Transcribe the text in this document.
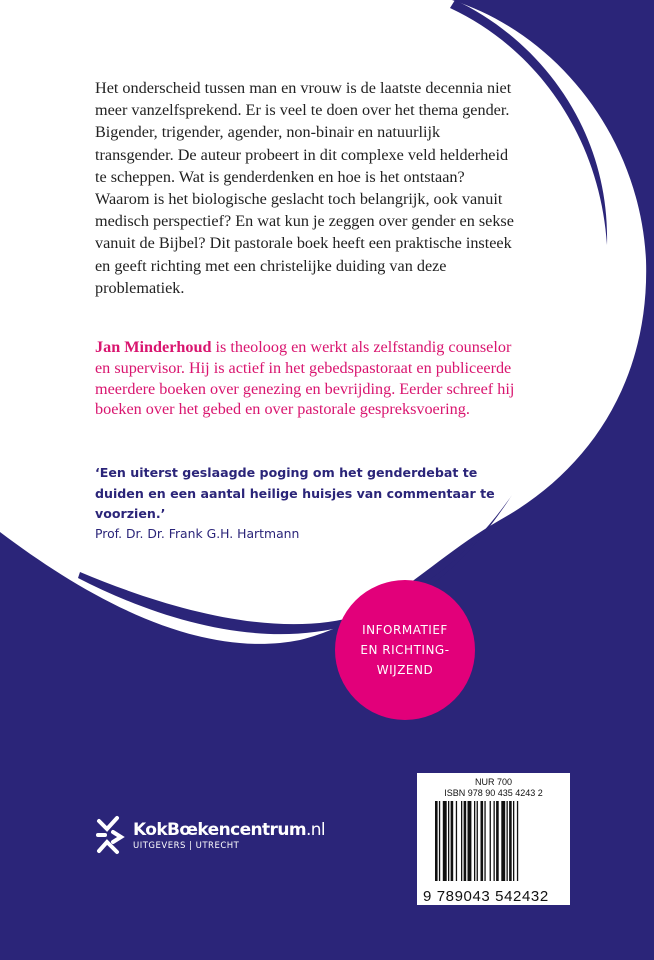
Het onderscheid tussen man en vrouw is de laatste decennia niet meer vanzelfsprekend. Er is veel te doen over het thema gender. Bigender, trigender, agender, non-binair en natuurlijk transgender. De auteur probeert in dit complexe veld helderheid te scheppen. Wat is genderdenken en hoe is het ontstaan? Waarom is het biologische geslacht toch belangrijk, ook vanuit medisch perspectief? En wat kun je zeggen over gender en sekse vanuit de Bijbel? Dit pastorale boek heeft een praktische insteek en geeft richting met een christelijke duiding van deze problematiek.
Jan Minderhoud is theoloog en werkt als zelfstandig counselor en supervisor. Hij is actief in het gebedspastoraat en publiceerde meerdere boeken over genezing en bevrijding. Eerder schreef hij boeken over het gebed en over pastorale gespreksvoering.
‘Een uiterst geslaagde poging om het genderdebat te duiden en een aantal heilige huisjes van commentaar te voorzien.’
Prof. Dr. Dr. Frank G.H. Hartmann
INFORMATIEF
EN RICHTING-
WIJZEND
KokBœkencentrum.nl
UITGEVERS | UTRECHT
NUR 700
ISBN 978 90 435 4243 2
9 789043 542432
